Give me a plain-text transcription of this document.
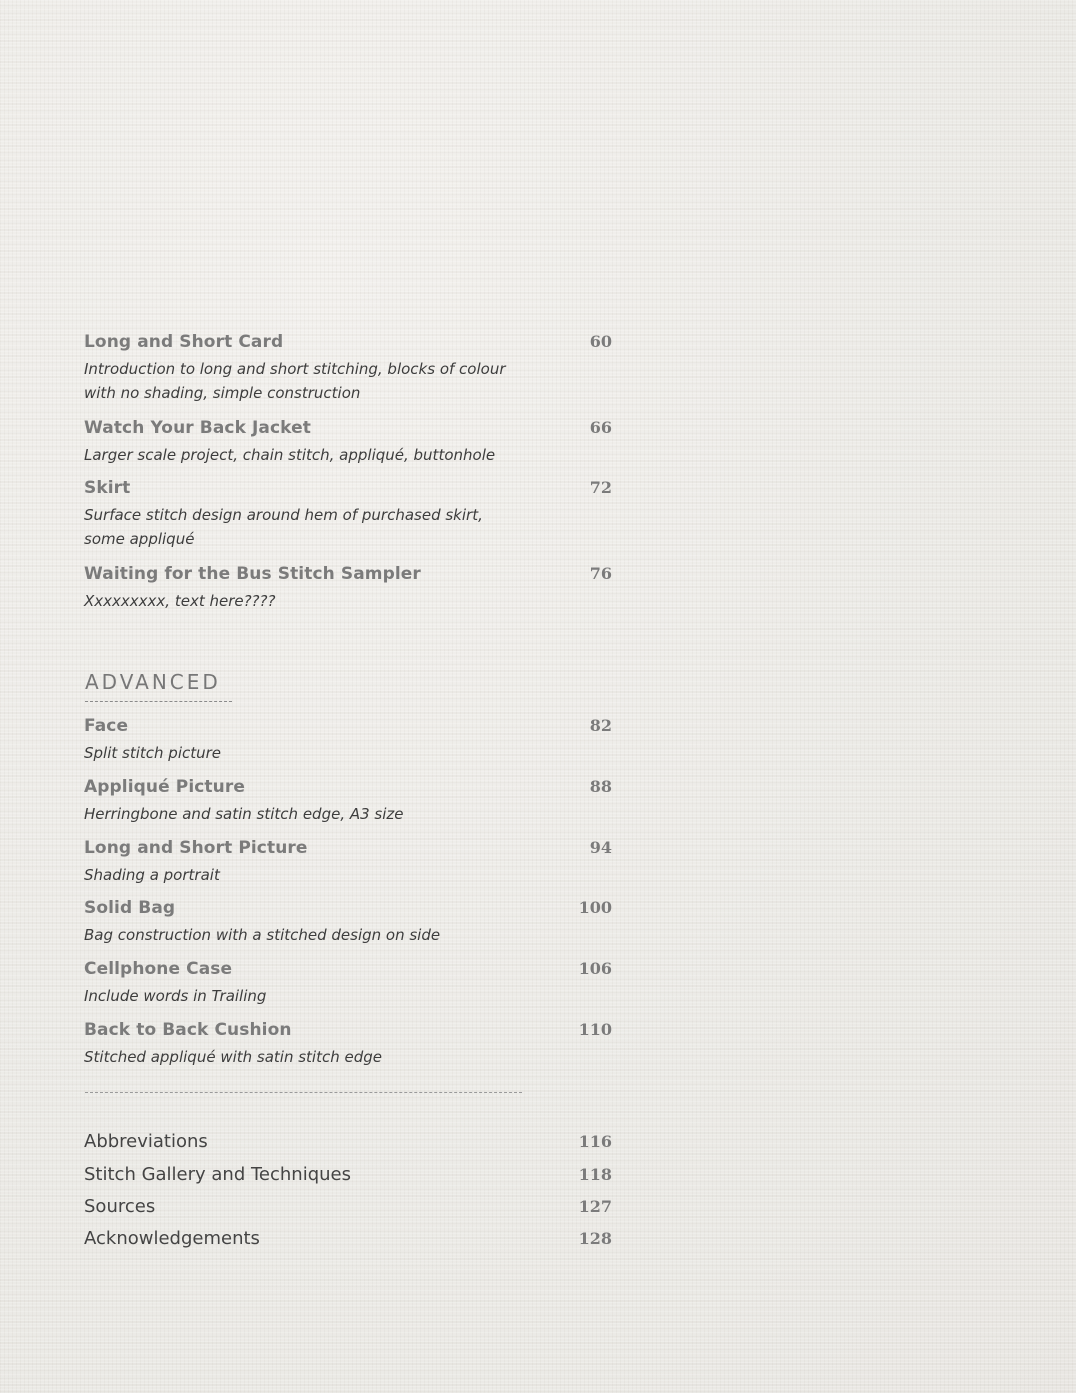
Long and Short Card	60
Introduction to long and short stitching, blocks of colour
with no shading, simple construction
Watch Your Back Jacket	66
Larger scale project, chain stitch, appliqué, buttonhole
Skirt	72
Surface stitch design around hem of purchased skirt,
some appliqué
Waiting for the Bus Stitch Sampler	76
Xxxxxxxxx, text here????
ADVANCED
Face	82
Split stitch picture
Appliqué Picture	88
Herringbone and satin stitch edge, A3 size
Long and Short Picture	94
Shading a portrait
Solid Bag	100
Bag construction with a stitched design on side
Cellphone Case	106
Include words in Trailing
Back to Back Cushion	110
Stitched appliqué with satin stitch edge
Abbreviations	116
Stitch Gallery and Techniques	118
Sources	127
Acknowledgements	128
